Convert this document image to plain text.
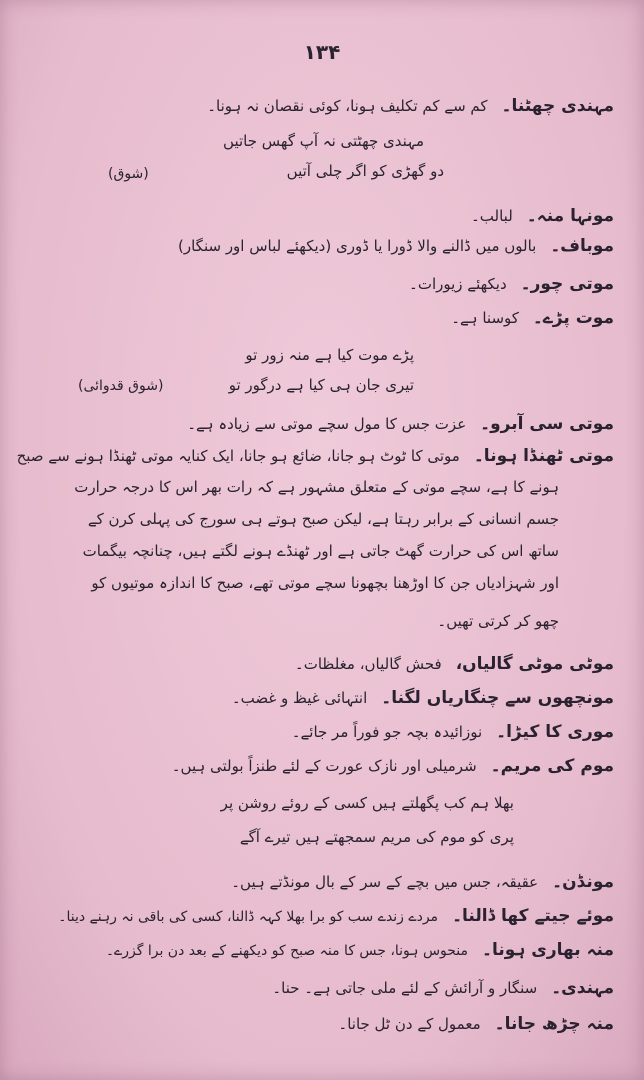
۱۳۴
مہندی چھٹنا۔کم سے کم تکلیف ہونا، کوئی نقصان نہ ہونا۔
مہندی چھٹتی نہ آپ گھس جاتیں
دو گھڑی کو اگر چلی آتیں
(شوق)
مونہا منہ۔لبالب۔
موباف۔بالوں میں ڈالنے والا ڈورا یا ڈوری (دیکھئے لباس اور سنگار)
موتی چور۔دیکھئے زیورات۔
موت پڑے۔کوسنا ہے۔
پڑے موت کیا ہے منہ زور تو
تیری جان ہی کیا ہے درگور تو
(شوق قدوائی)
موتی سی آبرو۔عزت جس کا مول سچے موتی سے زیادہ ہے۔
موتی ٹھنڈا ہونا۔موتی کا ٹوٹ ہو جانا، ضائع ہو جانا، ایک کنایہ موتی ٹھنڈا ہونے سے صبح
ہونے کا ہے، سچے موتی کے متعلق مشہور ہے کہ رات بھر اس کا درجہ حرارت
جسم انسانی کے برابر رہتا ہے، لیکن صبح ہوتے ہی سورج کی پہلی کرن کے
ساتھ اس کی حرارت گھٹ جاتی ہے اور ٹھنڈے ہونے لگتے ہیں، چنانچہ بیگمات
اور شہزادیاں جن کا اوڑھنا بچھونا سچے موتی تھے، صبح کا اندازہ موتیوں کو
چھو کر کرتی تھیں۔
موٹی موٹی گالیاں،فحش گالیاں، مغلظات۔
مونچھوں سے چنگاریاں لگنا۔انتہائی غیظ و غضب۔
موری کا کیڑا۔نوزائیدہ بچہ جو فوراً مر جائے۔
موم کی مریم۔شرمیلی اور نازک عورت کے لئے طنزاً بولتی ہیں۔
بھلا ہم کب پگھلتے ہیں کسی کے روئے روشن پر
پری کو موم کی مریم سمجھتے ہیں تیرے آگے
مونڈن۔عقیقہ، جس میں بچے کے سر کے بال مونڈتے ہیں۔
موئے جیتے کھا ڈالنا۔مردے زندے سب کو برا بھلا کہہ ڈالنا، کسی کی باقی نہ رہنے دینا۔
منہ بھاری ہونا۔منحوس ہونا، جس کا منہ صبح کو دیکھنے کے بعد دن برا گزرے۔
مہندی۔سنگار و آرائش کے لئے ملی جاتی ہے۔ حنا۔
منہ چڑھ جانا۔معمول کے دن ٹل جانا۔
